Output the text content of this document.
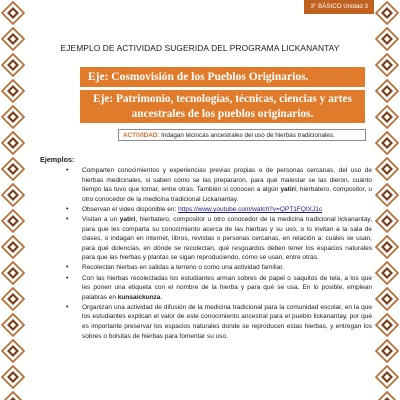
3° BÁSICO Unidad 3
EJEMPLO DE ACTIVIDAD SUGERIDA DEL PROGRAMA LICKANANTAY
Eje: Cosmovisión de los Pueblos Originarios.
Eje: Patrimonio, tecnologías, técnicas, ciencias y artes
ancestrales de los pueblos originarios.
ACTIVIDAD: Indagan técnicas ancestrales del uso de hierbas tradicionales.
Ejemplos:
• Comparten conocimientos y experiencias previas propias o de personas cercanas, del uso de hierbas medicinales, si saben cómo se las prepararon, para qué malestar se las dieron, cuánto tiempo las tuvo que tomar, entre otras. También si conocen a algún yatiri, hierbatero, compositor, u otro conocedor de la medicina tradicional Lickanantay.
• Observan el video disponible en: https://www.youtube.com/watch?v=QPT1FQtXJ1c
• Visitan a un yatiri, hierbatero, compositor u otro conocedor de la medicina tradicional lickanantay, para que les comparta su conocimiento acerca de las hierbas y su uso, o lo invitan a la sala de clases, o indagan en internet, libros, revistas o personas cercanas, en relación a: cuáles se usan, para qué dolencias, en dónde se recolectan, qué resguardos deben tener los espacios naturales para que las hierbas y plantas se sigan reproduciendo, cómo se usan, entre otras.
• Recolectan hierbas en salidas a terreno o como una actividad familiar.
• Con las hierbas recolectadas los estudiantes arman sobres de papel o saquitos de tela, a los que les ponen una etiqueta con el nombre de la hierba y para qué se usa. En lo posible, emplean palabras en kunsa/ckunza.
• Organizan una actividad de difusión de la medicina tradicional para la comunidad escolar, en la que los estudiantes explican el valor de este conocimiento ancestral para el pueblo lickanantay, por qué es importante preservar los espacios naturales donde se reproducen estas hierbas, y entregan los sobres o bolsitas de hierbas para fomentar su uso.
